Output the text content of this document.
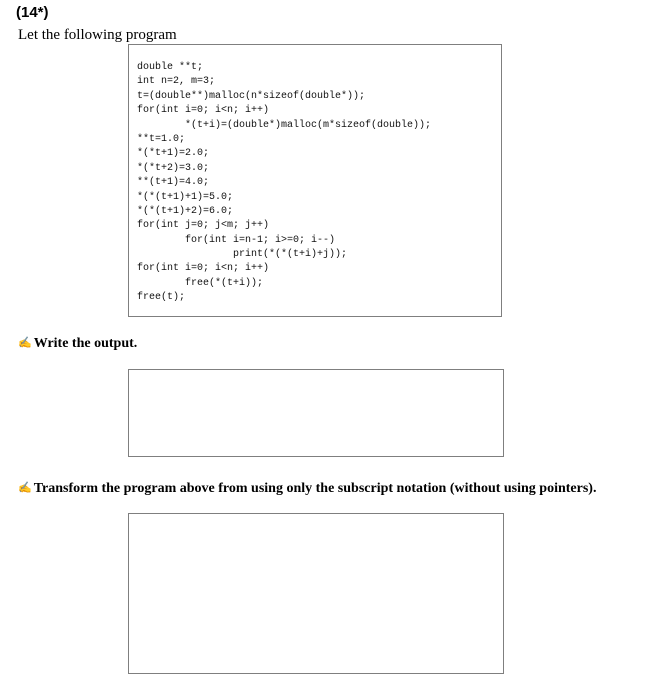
(14*)
Let the following program
double **t;
int n=2, m=3;
t=(double**)malloc(n*sizeof(double*));
for(int i=0; i<n; i++)
*(t+i)=(double*)malloc(m*sizeof(double));
**t=1.0;
*(*t+1)=2.0;
*(*t+2)=3.0;
**(t+1)=4.0;
*(*(t+1)+1)=5.0;
*(*(t+1)+2)=6.0;
for(int j=0; j<m; j++)
for(int i=n-1; i>=0; i--)
print(*(*(t+i)+j));
for(int i=0; i<n; i++)
free(*(t+i));
free(t);
✍ Write the output.
✍ Transform the program above from using only the subscript notation (without using pointers).
